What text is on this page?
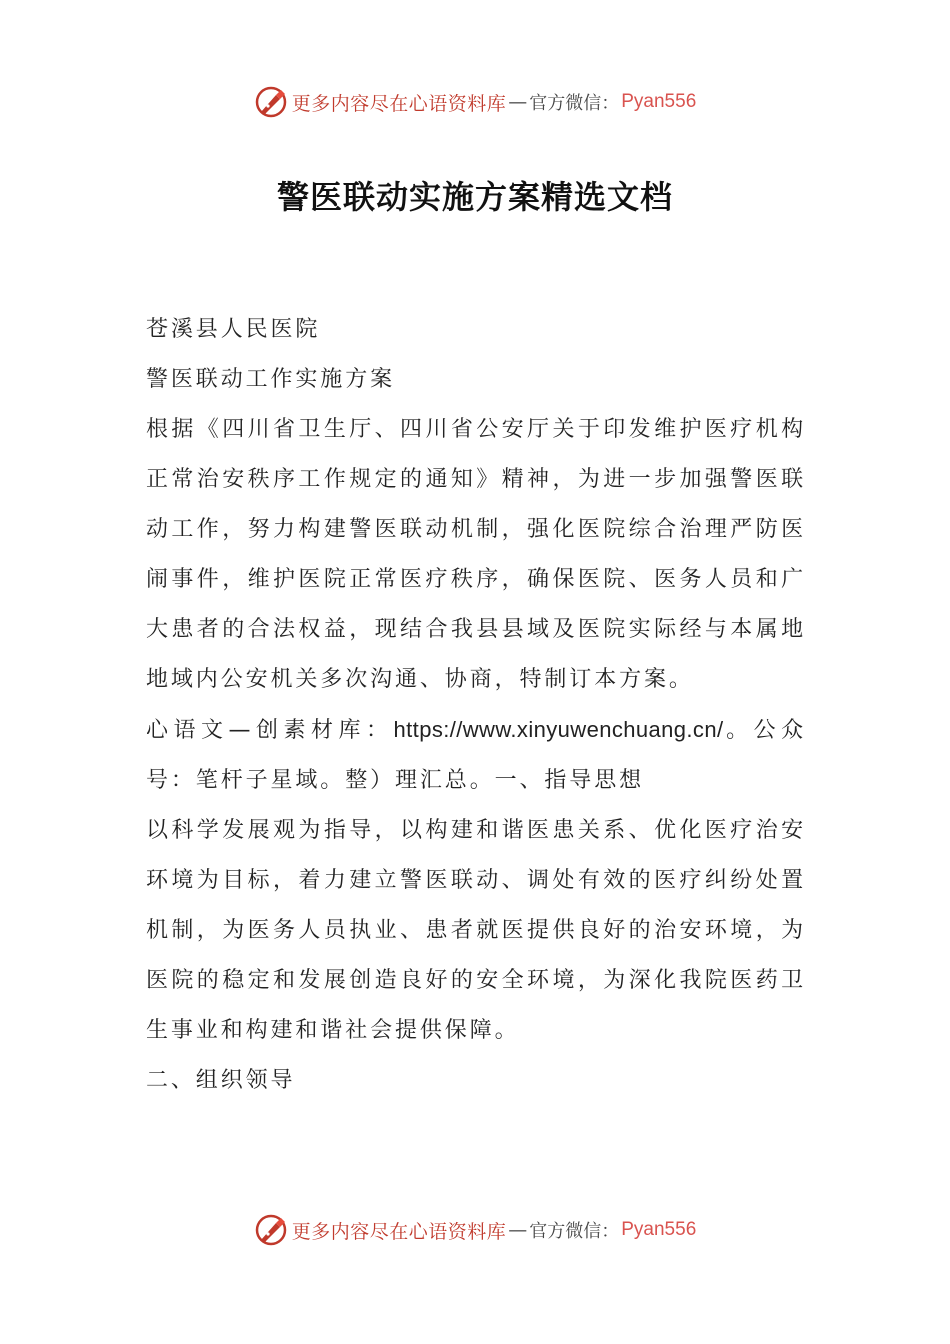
更多内容尽在心语资料库 — 官方微信： Pyan556
警医联动实施方案精选文档

苍溪县人民医院

警医联动工作实施方案

根据《四川省卫生厅、四川省公安厅关于印发维护医疗机构正常治安秩序工作规定的通知》精神，为进一步加强警医联动工作，努力构建警医联动机制，强化医院综合治理严防医闹事件，维护医院正常医疗秩序，确保医院、医务人员和广大患者的合法权益，现结合我县县域及医院实际经与本属地地域内公安机关多次沟通、协商，特制订本方案。

心语文—创素材库：https://www.xinyuwenchuang.cn/。公众号：笔杆子星域。整）理汇总。一、指导思想

以科学发展观为指导，以构建和谐医患关系、优化医疗治安环境为目标，着力建立警医联动、调处有效的医疗纠纷处置机制，为医务人员执业、患者就医提供良好的治安环境，为医院的稳定和发展创造良好的安全环境，为深化我院医药卫生事业和构建和谐社会提供保障。

二、组织领导

更多内容尽在心语资料库 — 官方微信： Pyan556
